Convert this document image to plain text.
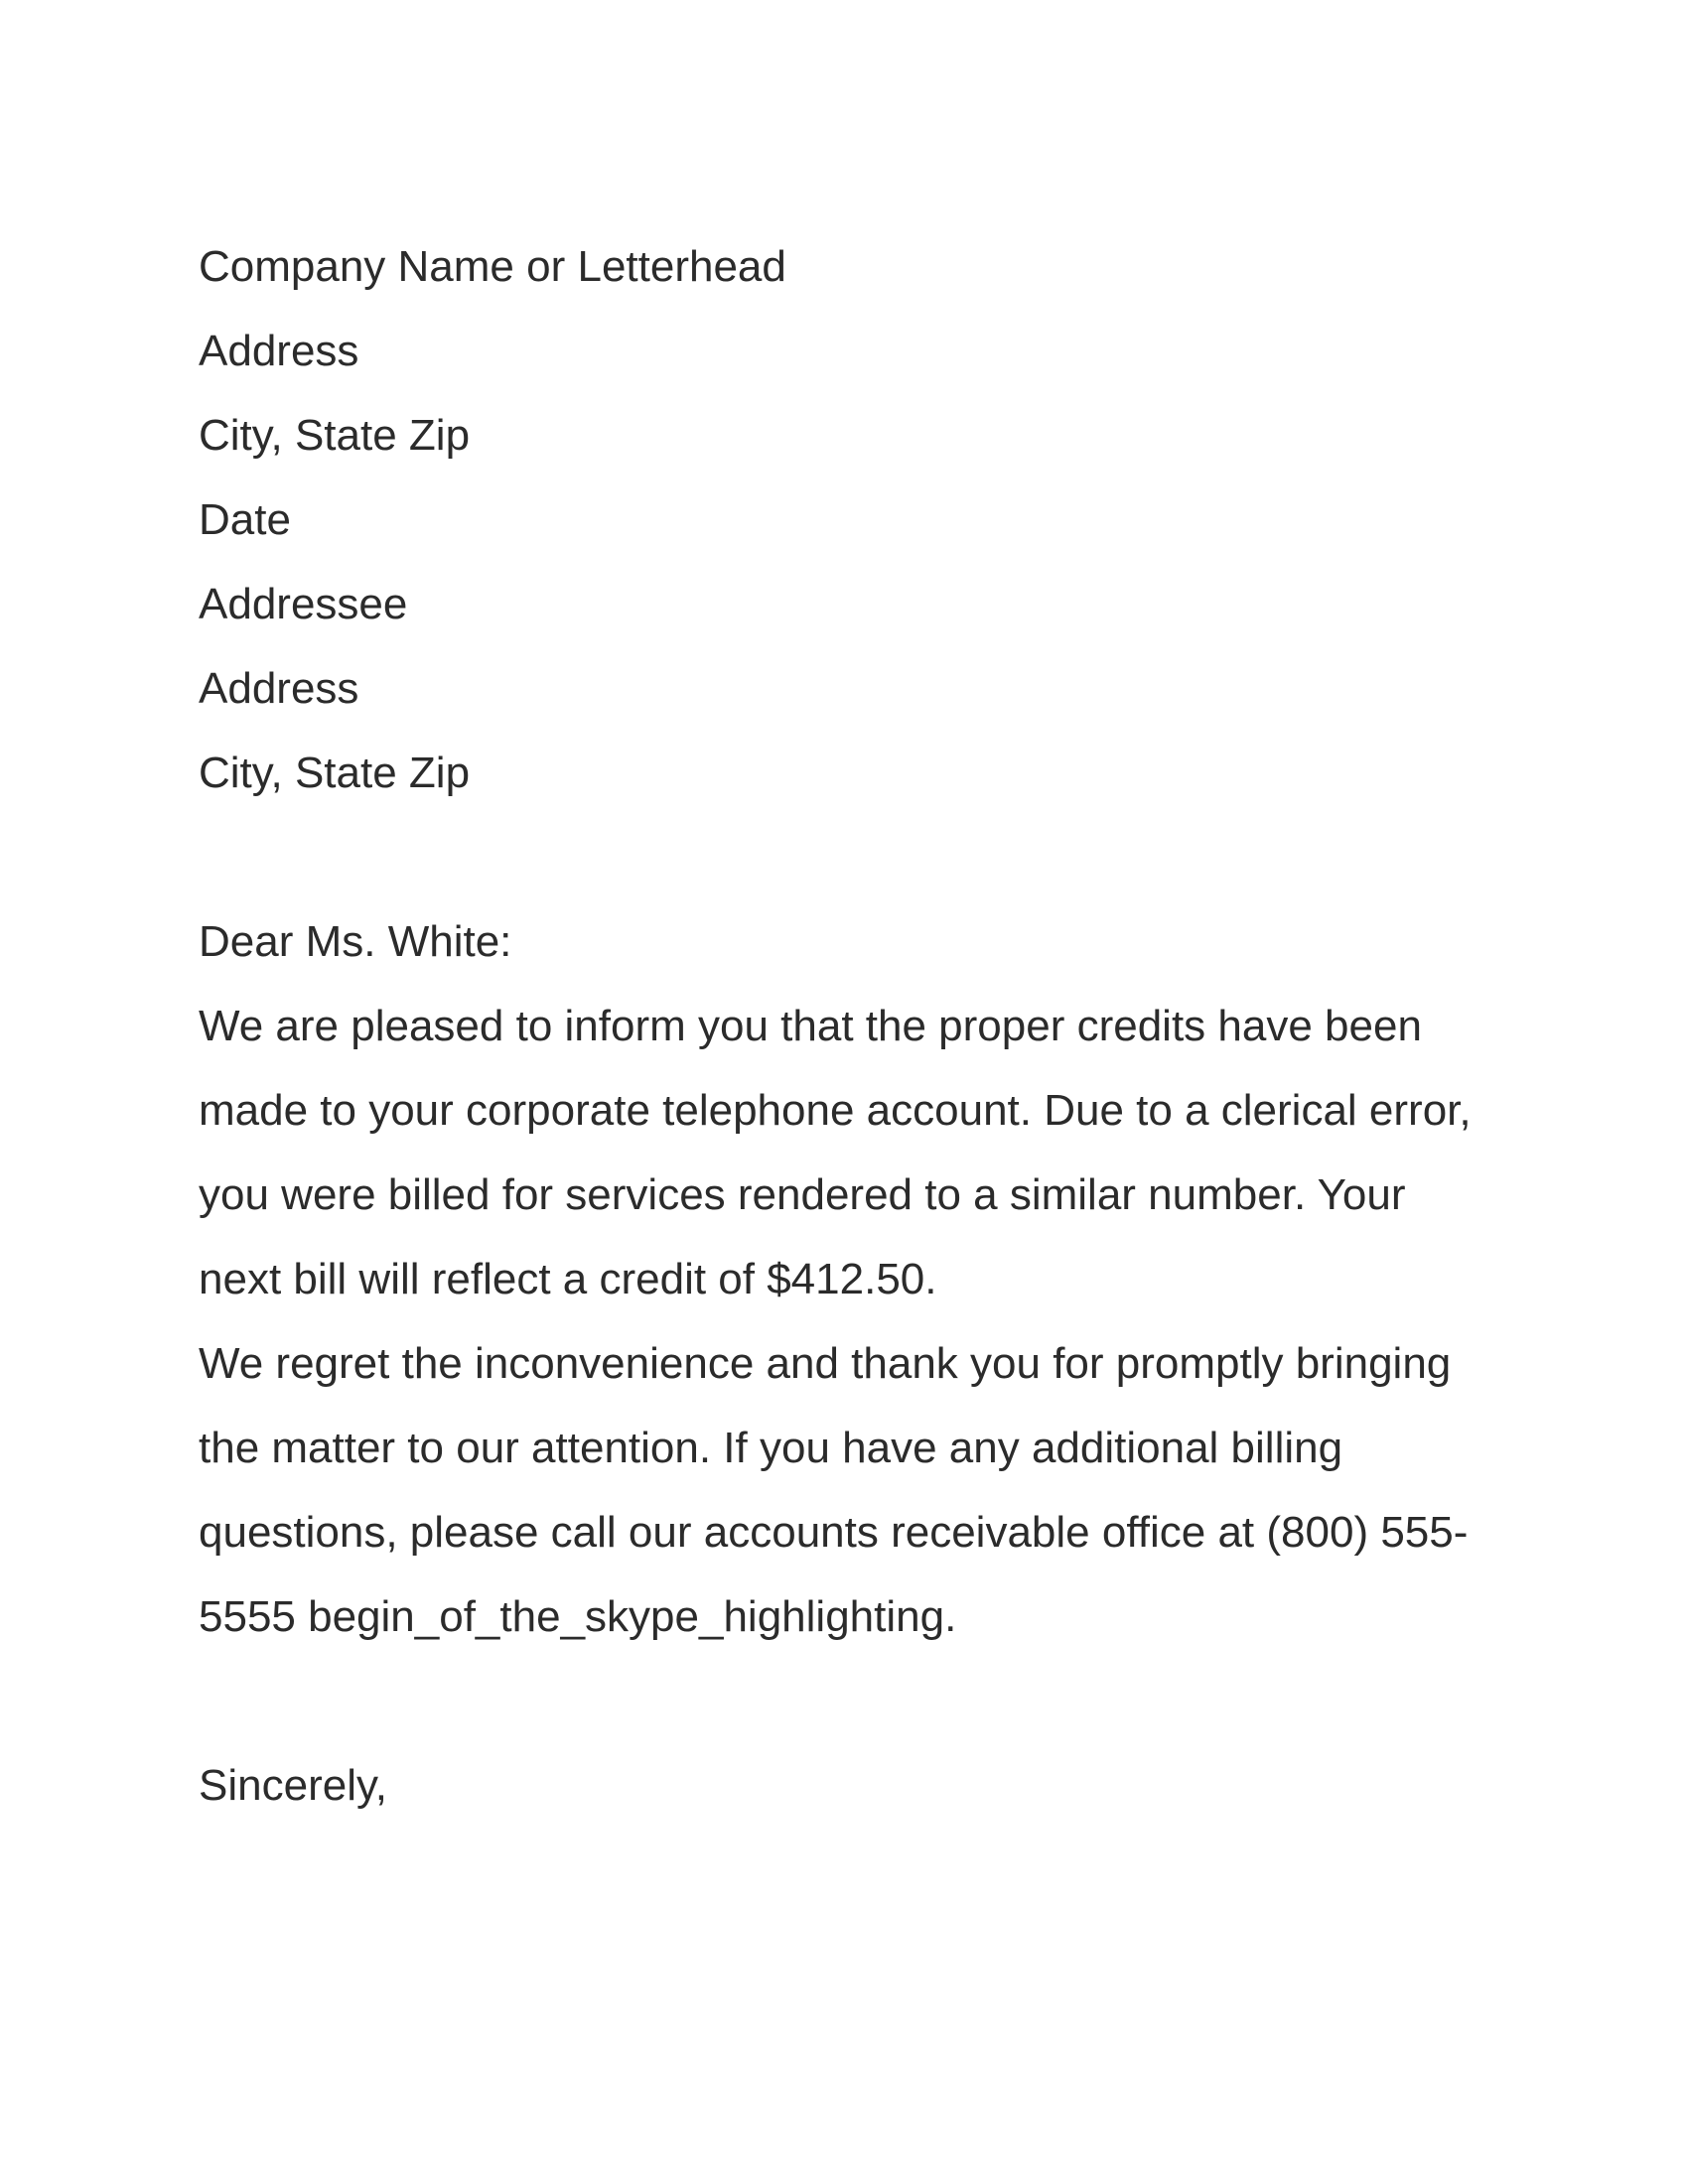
Company Name or Letterhead
Address
City, State Zip
Date
Addressee
Address
City, State Zip
Dear Ms. White:
We are pleased to inform you that the proper credits have been
made to your corporate telephone account. Due to a clerical error,
you were billed for services rendered to a similar number. Your
next bill will reflect a credit of $412.50.
We regret the inconvenience and thank you for promptly bringing
the matter to our attention. If you have any additional billing
questions, please call our accounts receivable office at (800) 555-
5555 begin_of_the_skype_highlighting.
Sincerely,
